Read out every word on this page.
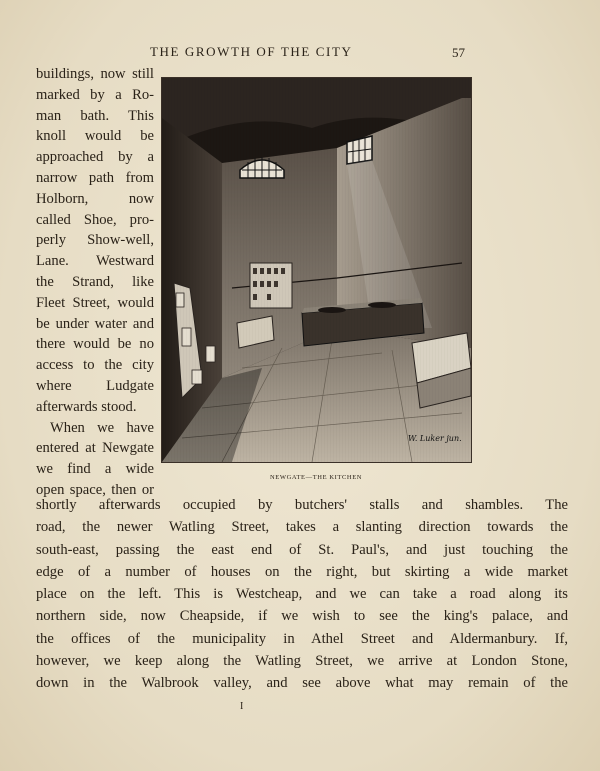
THE GROWTH OF THE CITY	57
buildings, now still
marked by a Ro-
man bath. This
knoll would be
approached by a
narrow path from
Holborn, now
called Shoe, pro-
perly Show-well,
Lane. Westward
the Strand, like
Fleet Street, would
be under water and
there would be no
access to the city
where Ludgate
afterwards stood.
When we have
entered at Newgate
we find a wide
open space, then or
W. Luker jun.
NEWGATE—THE KITCHEN
shortly afterwards occupied by butchers' stalls and shambles. The
road, the newer Watling Street, takes a slanting direction towards the
south-east, passing the east end of St. Paul's, and just touching the
edge of a number of houses on the right, but skirting a wide market
place on the left. This is Westcheap, and we can take a road along its
northern side, now Cheapside, if we wish to see the king's palace, and
the offices of the municipality in Athel Street and Aldermanbury. If,
however, we keep along the Watling Street, we arrive at London Stone,
down in the Walbrook valley, and see above what may remain of the
I
